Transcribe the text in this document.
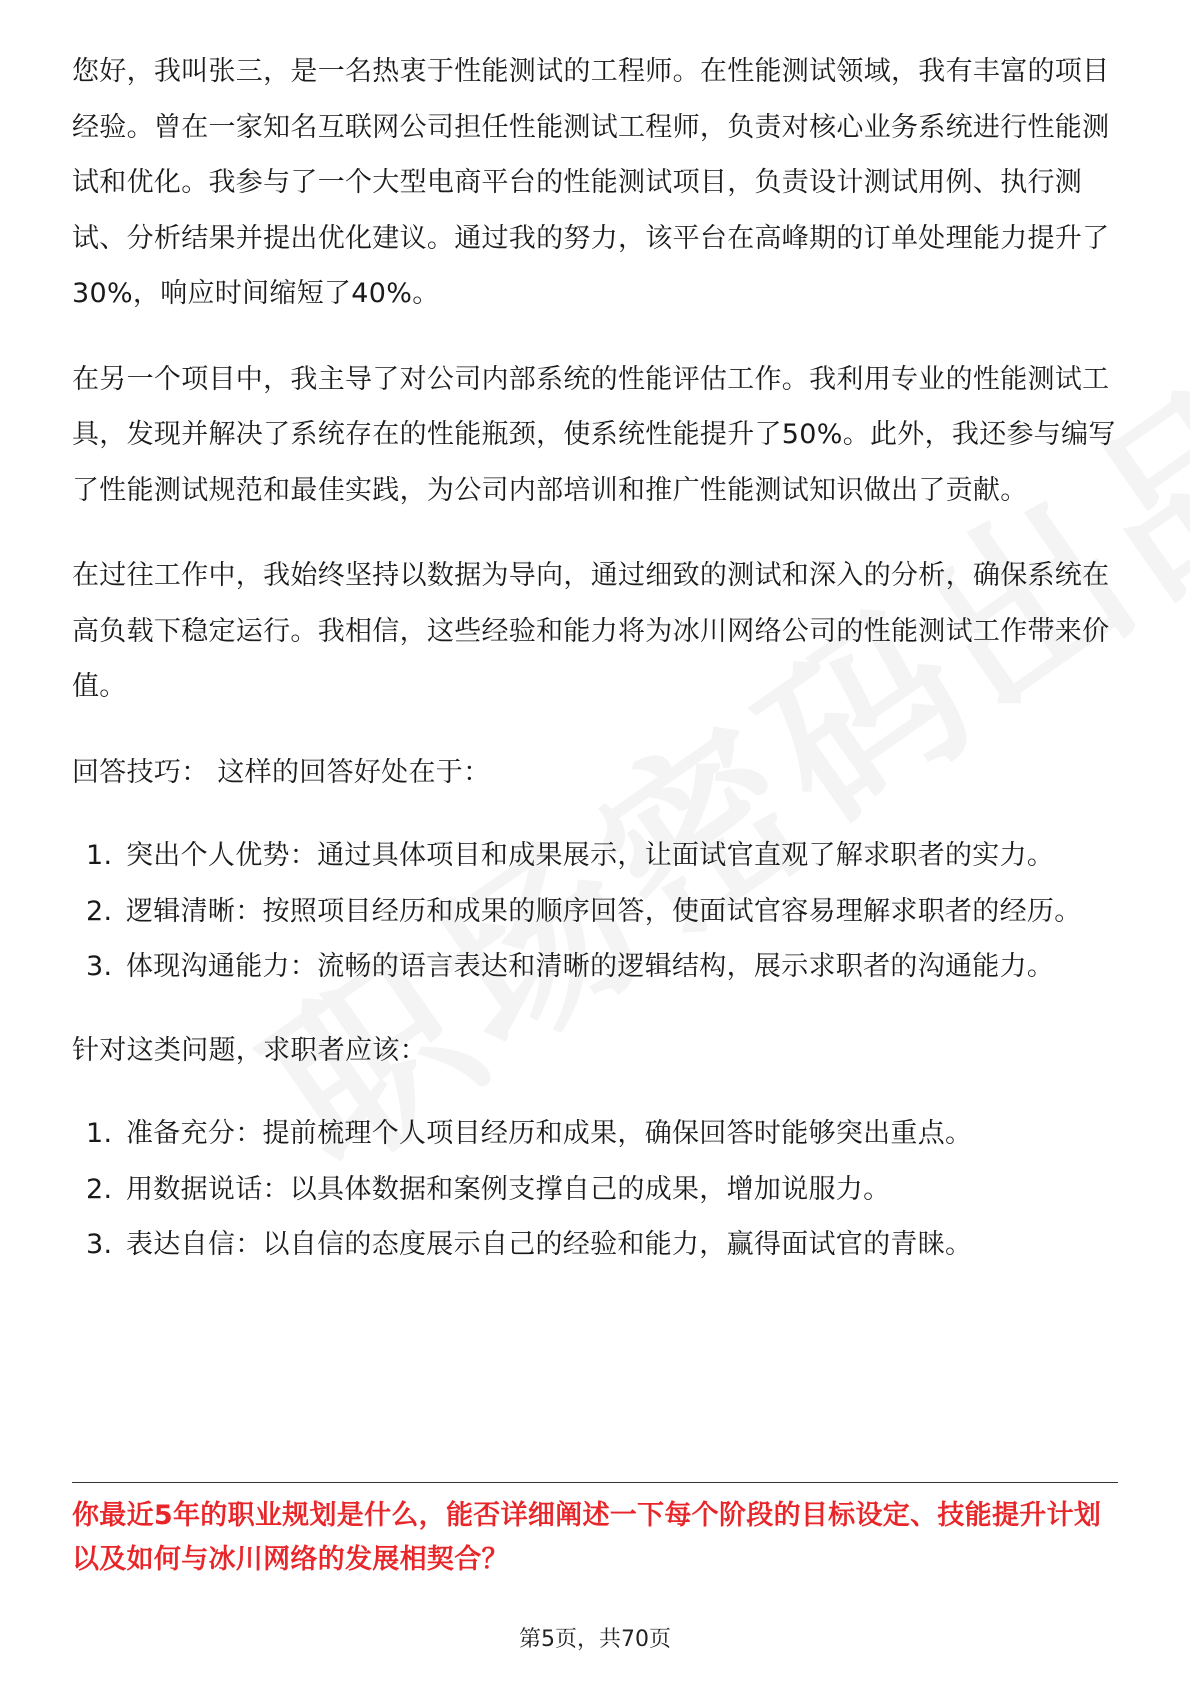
您好，我叫张三，是一名热衷于性能测试的工程师。在性能测试领域，我有丰富的项目经验。曾在一家知名互联网公司担任性能测试工程师，负责对核心业务系统进行性能测试和优化。我参与了一个大型电商平台的性能测试项目，负责设计测试用例、执行测试、分析结果并提出优化建议。通过我的努力，该平台在高峰期的订单处理能力提升了30%，响应时间缩短了40%。

在另一个项目中，我主导了对公司内部系统的性能评估工作。我利用专业的性能测试工具，发现并解决了系统存在的性能瓶颈，使系统性能提升了50%。此外，我还参与编写了性能测试规范和最佳实践，为公司内部培训和推广性能测试知识做出了贡献。

在过往工作中，我始终坚持以数据为导向，通过细致的测试和深入的分析，确保系统在高负载下稳定运行。我相信，这些经验和能力将为冰川网络公司的性能测试工作带来价值。

回答技巧： 这样的回答好处在于：

1. 突出个人优势：通过具体项目和成果展示，让面试官直观了解求职者的实力。
2. 逻辑清晰：按照项目经历和成果的顺序回答，使面试官容易理解求职者的经历。
3. 体现沟通能力：流畅的语言表达和清晰的逻辑结构，展示求职者的沟通能力。

针对这类问题，求职者应该：

1. 准备充分：提前梳理个人项目经历和成果，确保回答时能够突出重点。
2. 用数据说话：以具体数据和案例支撑自己的成果，增加说服力。
3. 表达自信：以自信的态度展示自己的经验和能力，赢得面试官的青睐。
你最近5年的职业规划是什么，能否详细阐述一下每个阶段的目标设定、技能提升计划以及如何与冰川网络的发展相契合？
第5页，共70页
